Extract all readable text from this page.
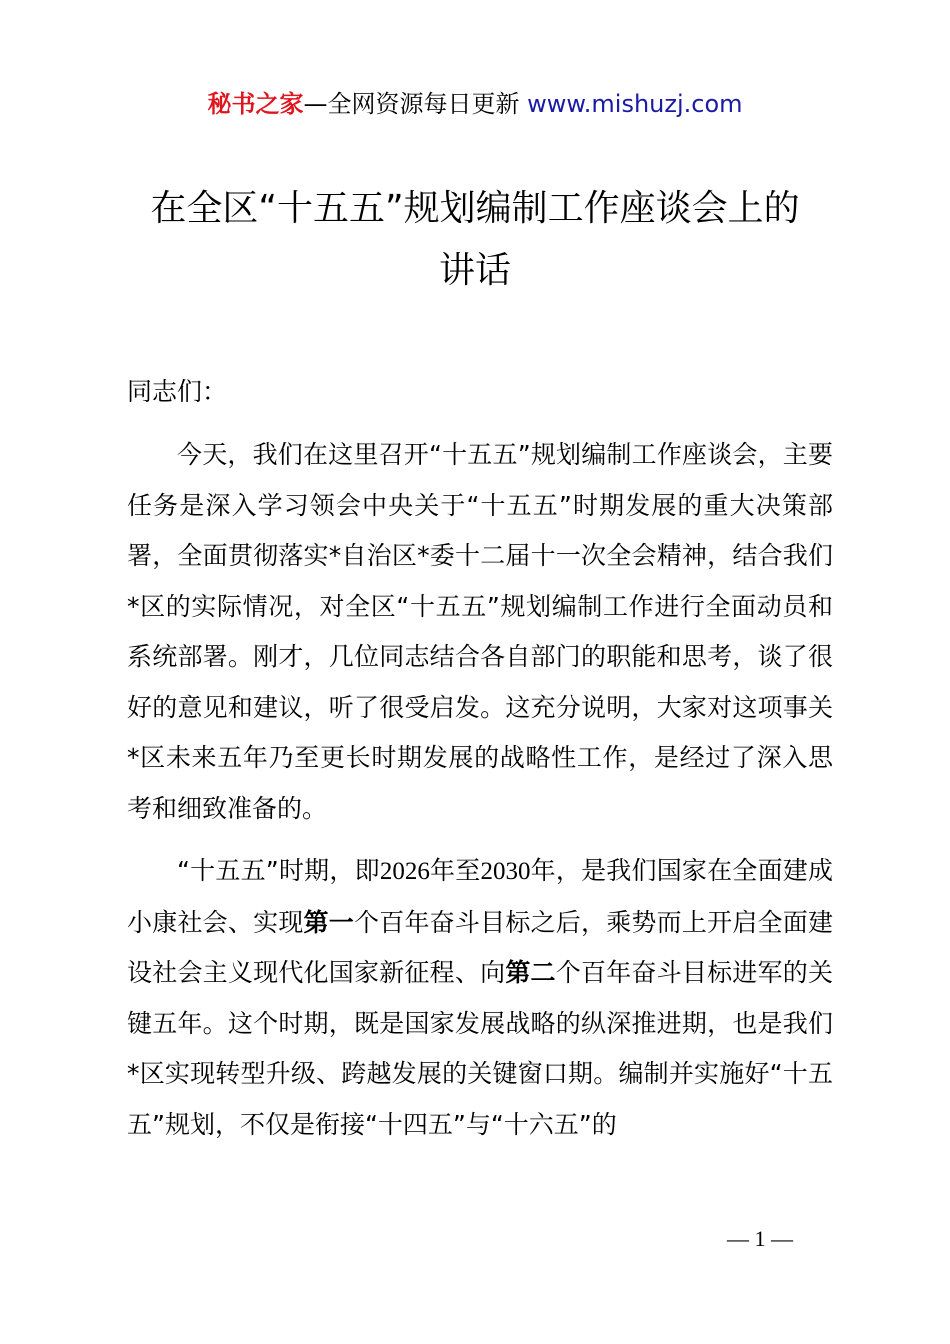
秘书之家—全网资源每日更新 www.mishuzj.com
在全区“十五五”规划编制工作座谈会上的
讲话

同志们：

今天，我们在这里召开“十五五”规划编制工作座谈会，主要任务是深入学习领会中央关于“十五五”时期发展的重大决策部署，全面贯彻落实*自治区*委十二届十一次全会精神，结合我们*区的实际情况，对全区“十五五”规划编制工作进行全面动员和系统部署。刚才，几位同志结合各自部门的职能和思考，谈了很好的意见和建议，听了很受启发。这充分说明，大家对这项事关*区未来五年乃至更长时期发展的战略性工作，是经过了深入思考和细致准备的。

“十五五”时期，即2026年至2030年，是我们国家在全面建成小康社会、实现第一个百年奋斗目标之后，乘势而上开启全面建设社会主义现代化国家新征程、向第二个百年奋斗目标进军的关键五年。这个时期，既是国家发展战略的纵深推进期，也是我们*区实现转型升级、跨越发展的关键窗口期。编制并实施好“十五五”规划，不仅是衔接“十四五”与“十六五”的

— 1 —
